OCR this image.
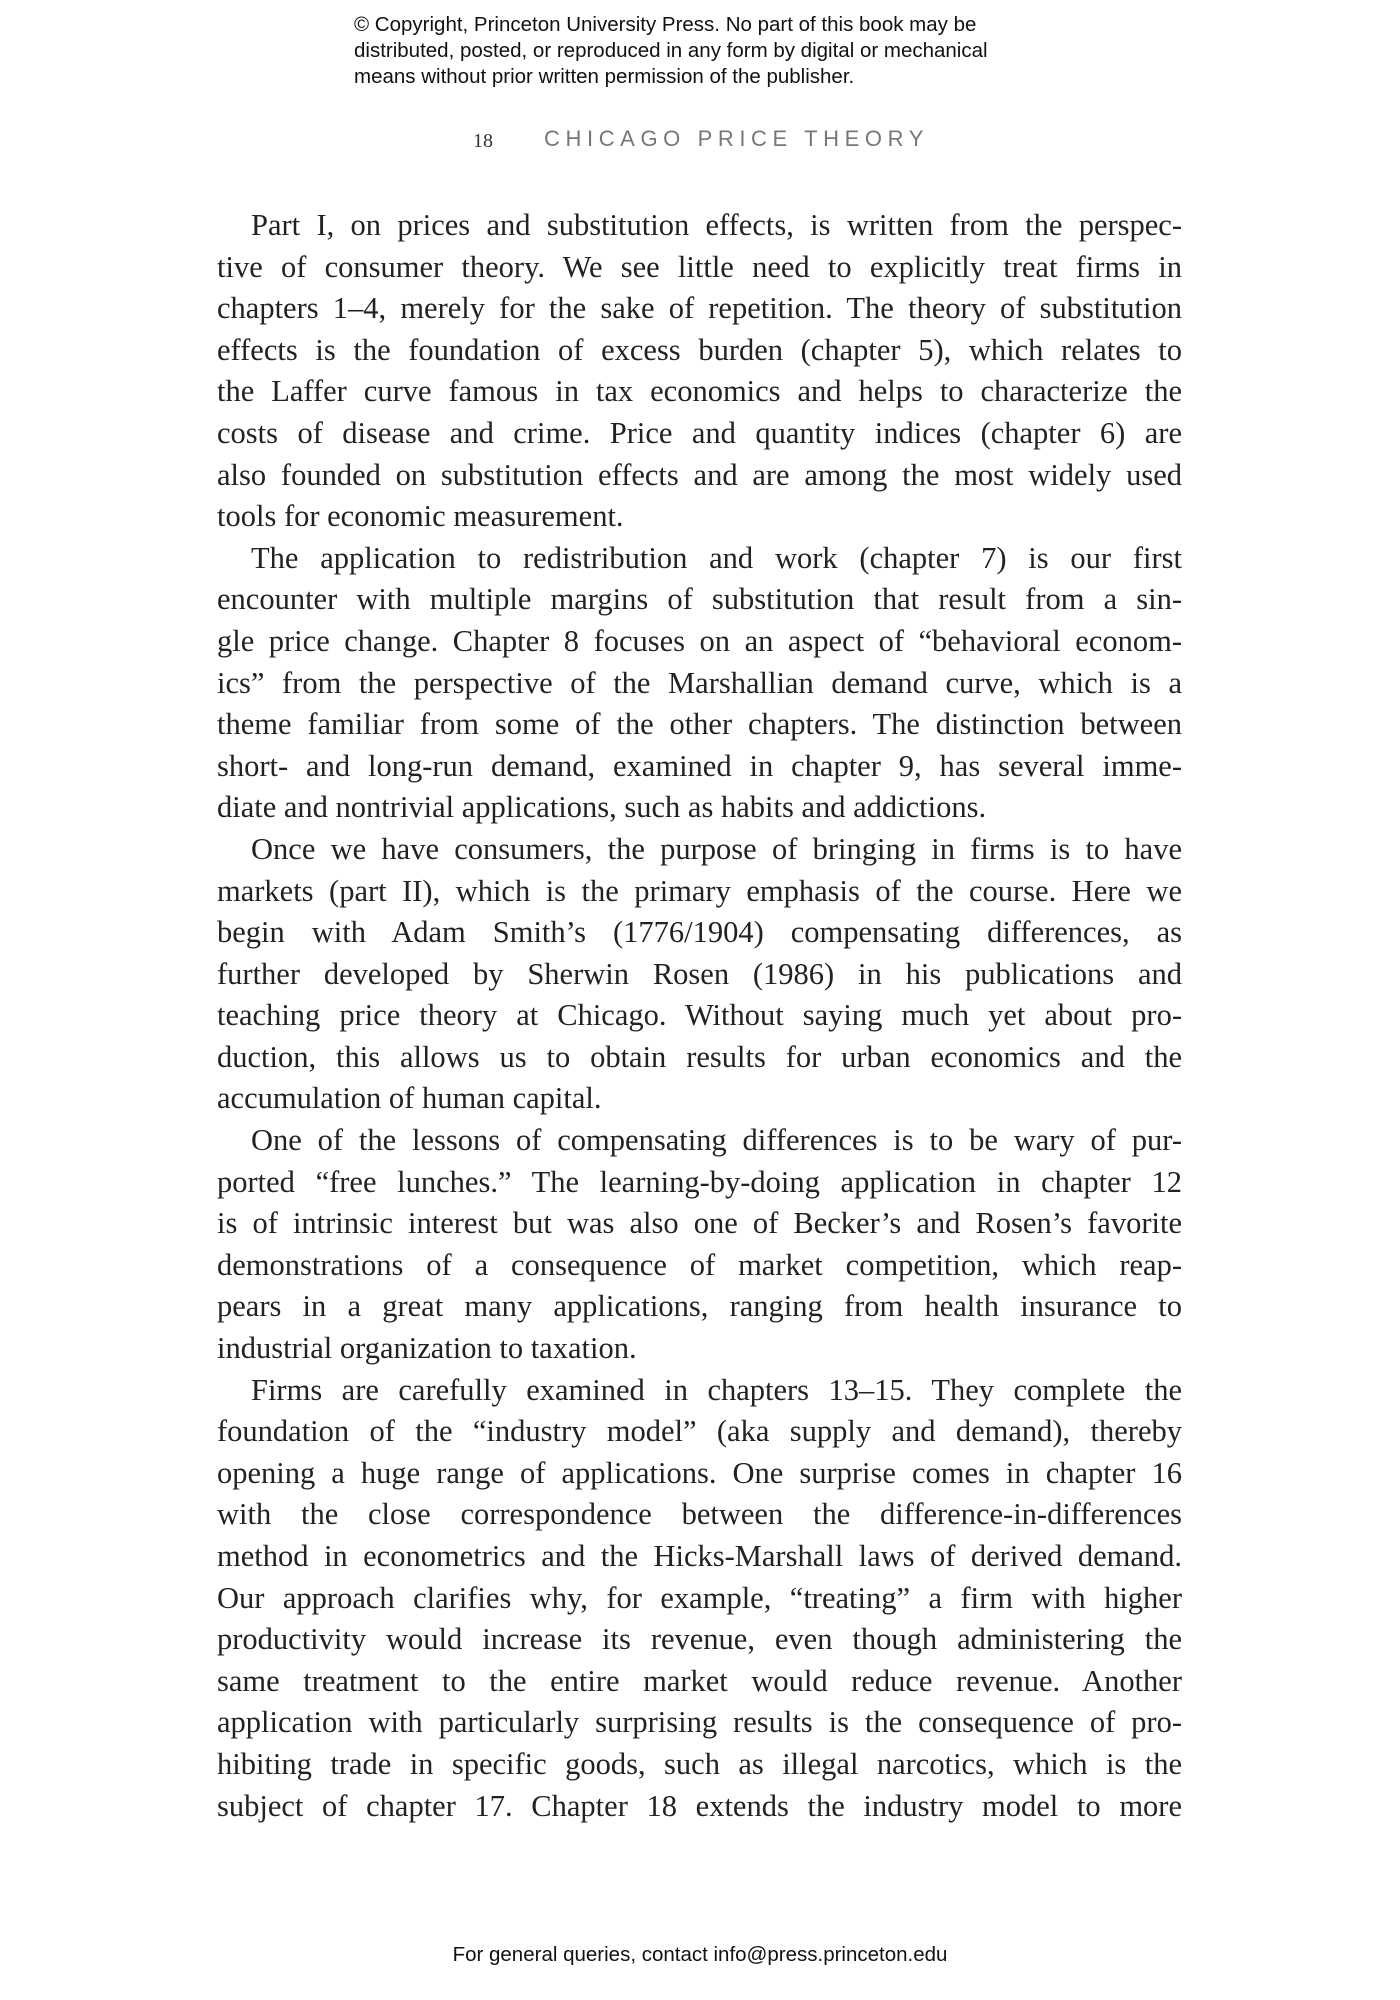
© Copyright, Princeton University Press. No part of this book may be
distributed, posted, or reproduced in any form by digital or mechanical
means without prior written permission of the publisher.
18 CHICAGO PRICE THEORY
Part I, on prices and substitution effects, is written from the perspec-
tive of consumer theory. We see little need to explicitly treat firms in
chapters 1–4, merely for the sake of repetition. The theory of substitution
effects is the foundation of excess burden (chapter 5), which relates to
the Laffer curve famous in tax economics and helps to characterize the
costs of disease and crime. Price and quantity indices (chapter 6) are
also founded on substitution effects and are among the most widely used
tools for economic measurement.
The application to redistribution and work (chapter 7) is our first
encounter with multiple margins of substitution that result from a sin-
gle price change. Chapter 8 focuses on an aspect of “behavioral econom-
ics” from the perspective of the Marshallian demand curve, which is a
theme familiar from some of the other chapters. The distinction between
short- and long-run demand, examined in chapter 9, has several imme-
diate and nontrivial applications, such as habits and addictions.
Once we have consumers, the purpose of bringing in firms is to have
markets (part II), which is the primary emphasis of the course. Here we
begin with Adam Smith’s (1776/1904) compensating differences, as
further developed by Sherwin Rosen (1986) in his publications and
teaching price theory at Chicago. Without saying much yet about pro-
duction, this allows us to obtain results for urban economics and the
accumulation of human capital.
One of the lessons of compensating differences is to be wary of pur-
ported “free lunches.” The learning-by-doing application in chapter 12
is of intrinsic interest but was also one of Becker’s and Rosen’s favorite
demonstrations of a consequence of market competition, which reap-
pears in a great many applications, ranging from health insurance to
industrial organization to taxation.
Firms are carefully examined in chapters 13–15. They complete the
foundation of the “industry model” (aka supply and demand), thereby
opening a huge range of applications. One surprise comes in chapter 16
with the close correspondence between the difference-in-differences
method in econometrics and the Hicks-Marshall laws of derived demand.
Our approach clarifies why, for example, “treating” a firm with higher
productivity would increase its revenue, even though administering the
same treatment to the entire market would reduce revenue. Another
application with particularly surprising results is the consequence of pro-
hibiting trade in specific goods, such as illegal narcotics, which is the
subject of chapter 17. Chapter 18 extends the industry model to more
For general queries, contact info@press.princeton.edu
